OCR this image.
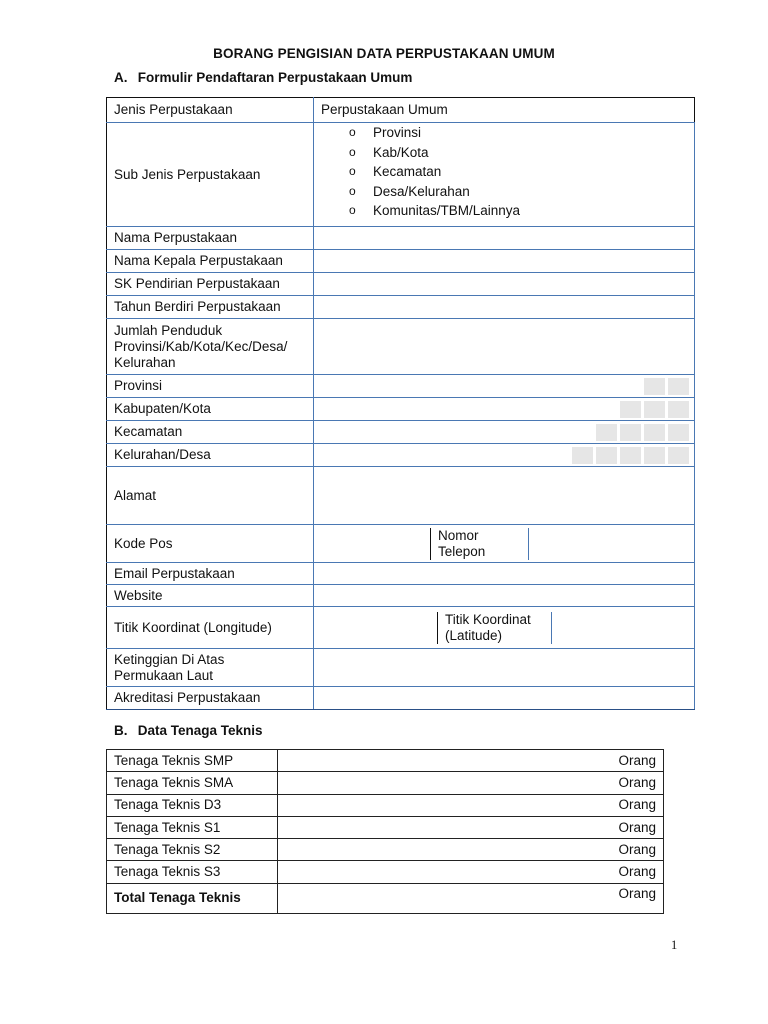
BORANG PENGISIAN DATA PERPUSTAKAAN UMUM
A. Formulir Pendaftaran Perpustakaan Umum
Jenis Perpustakaan	Perpustakaan Umum
Sub Jenis Perpustakaan	
o Provinsi
o Kab/Kota
o Kecamatan
o Desa/Kelurahan
o Komunitas/TBM/Lainnya

Nama Perpustakaan	
Nama Kepala Perpustakaan	
SK Pendirian Perpustakaan	
Tahun Berdiri Perpustakaan	

Jumlah Penduduk
Provinsi/Kab/Kota/Kec/Desa/
Kelurahan

Provinsi	

Kabupaten/Kota	

Kecamatan	

Kelurahan/Desa	

Alamat	
Kode Pos	

Nomor
Telepon

Email Perpustakaan	
Website	
Titik Koordinat (Longitude)	

Titik Koordinat
(Latitude)

Ketinggian Di Atas
Permukaan Laut

Akreditasi Perpustakaan	
B. Data Tenaga Teknis
Tenaga Teknis SMP	Orang
Tenaga Teknis SMA	Orang
Tenaga Teknis D3	Orang
Tenaga Teknis S1	Orang
Tenaga Teknis S2	Orang
Tenaga Teknis S3	Orang
Total Tenaga Teknis	Orang
1
